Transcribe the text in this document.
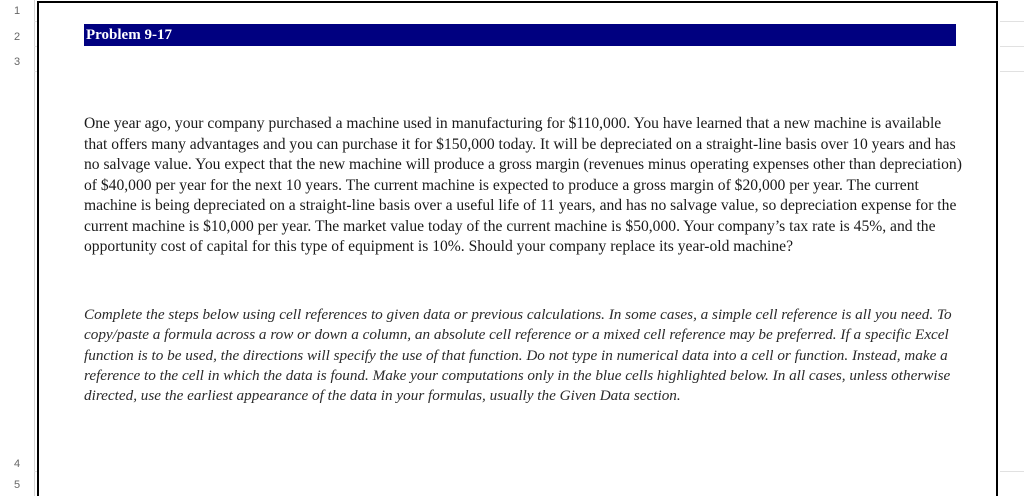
1
2
3
4
5
Problem 9-17

One year ago, your company purchased a machine used in manufacturing for $110,000. You have learned that a new machine is available that offers many advantages and you can purchase it for $150,000 today. It will be depreciated on a straight-line basis over 10 years and has no salvage value. You expect that the new machine will produce a gross margin (revenues minus operating expenses other than depreciation) of $40,000 per year for the next 10 years. The current machine is expected to produce a gross margin of $20,000 per year. The current machine is being depreciated on a straight-line basis over a useful life of 11 years, and has no salvage value, so depreciation expense for the current machine is $10,000 per year. The market value today of the current machine is $50,000. Your company’s tax rate is 45%, and the opportunity cost of capital for this type of equipment is 10%. Should your company replace its year-old machine?

Complete the steps below using cell references to given data or previous calculations. In some cases, a simple cell reference is all you need. To copy/paste a formula across a row or down a column, an absolute cell reference or a mixed cell reference may be preferred. If a specific Excel function is to be used, the directions will specify the use of that function. Do not type in numerical data into a cell or function. Instead, make a reference to the cell in which the data is found. Make your computations only in the blue cells highlighted below. In all cases, unless otherwise directed, use the earliest appearance of the data in your formulas, usually the Given Data section.
